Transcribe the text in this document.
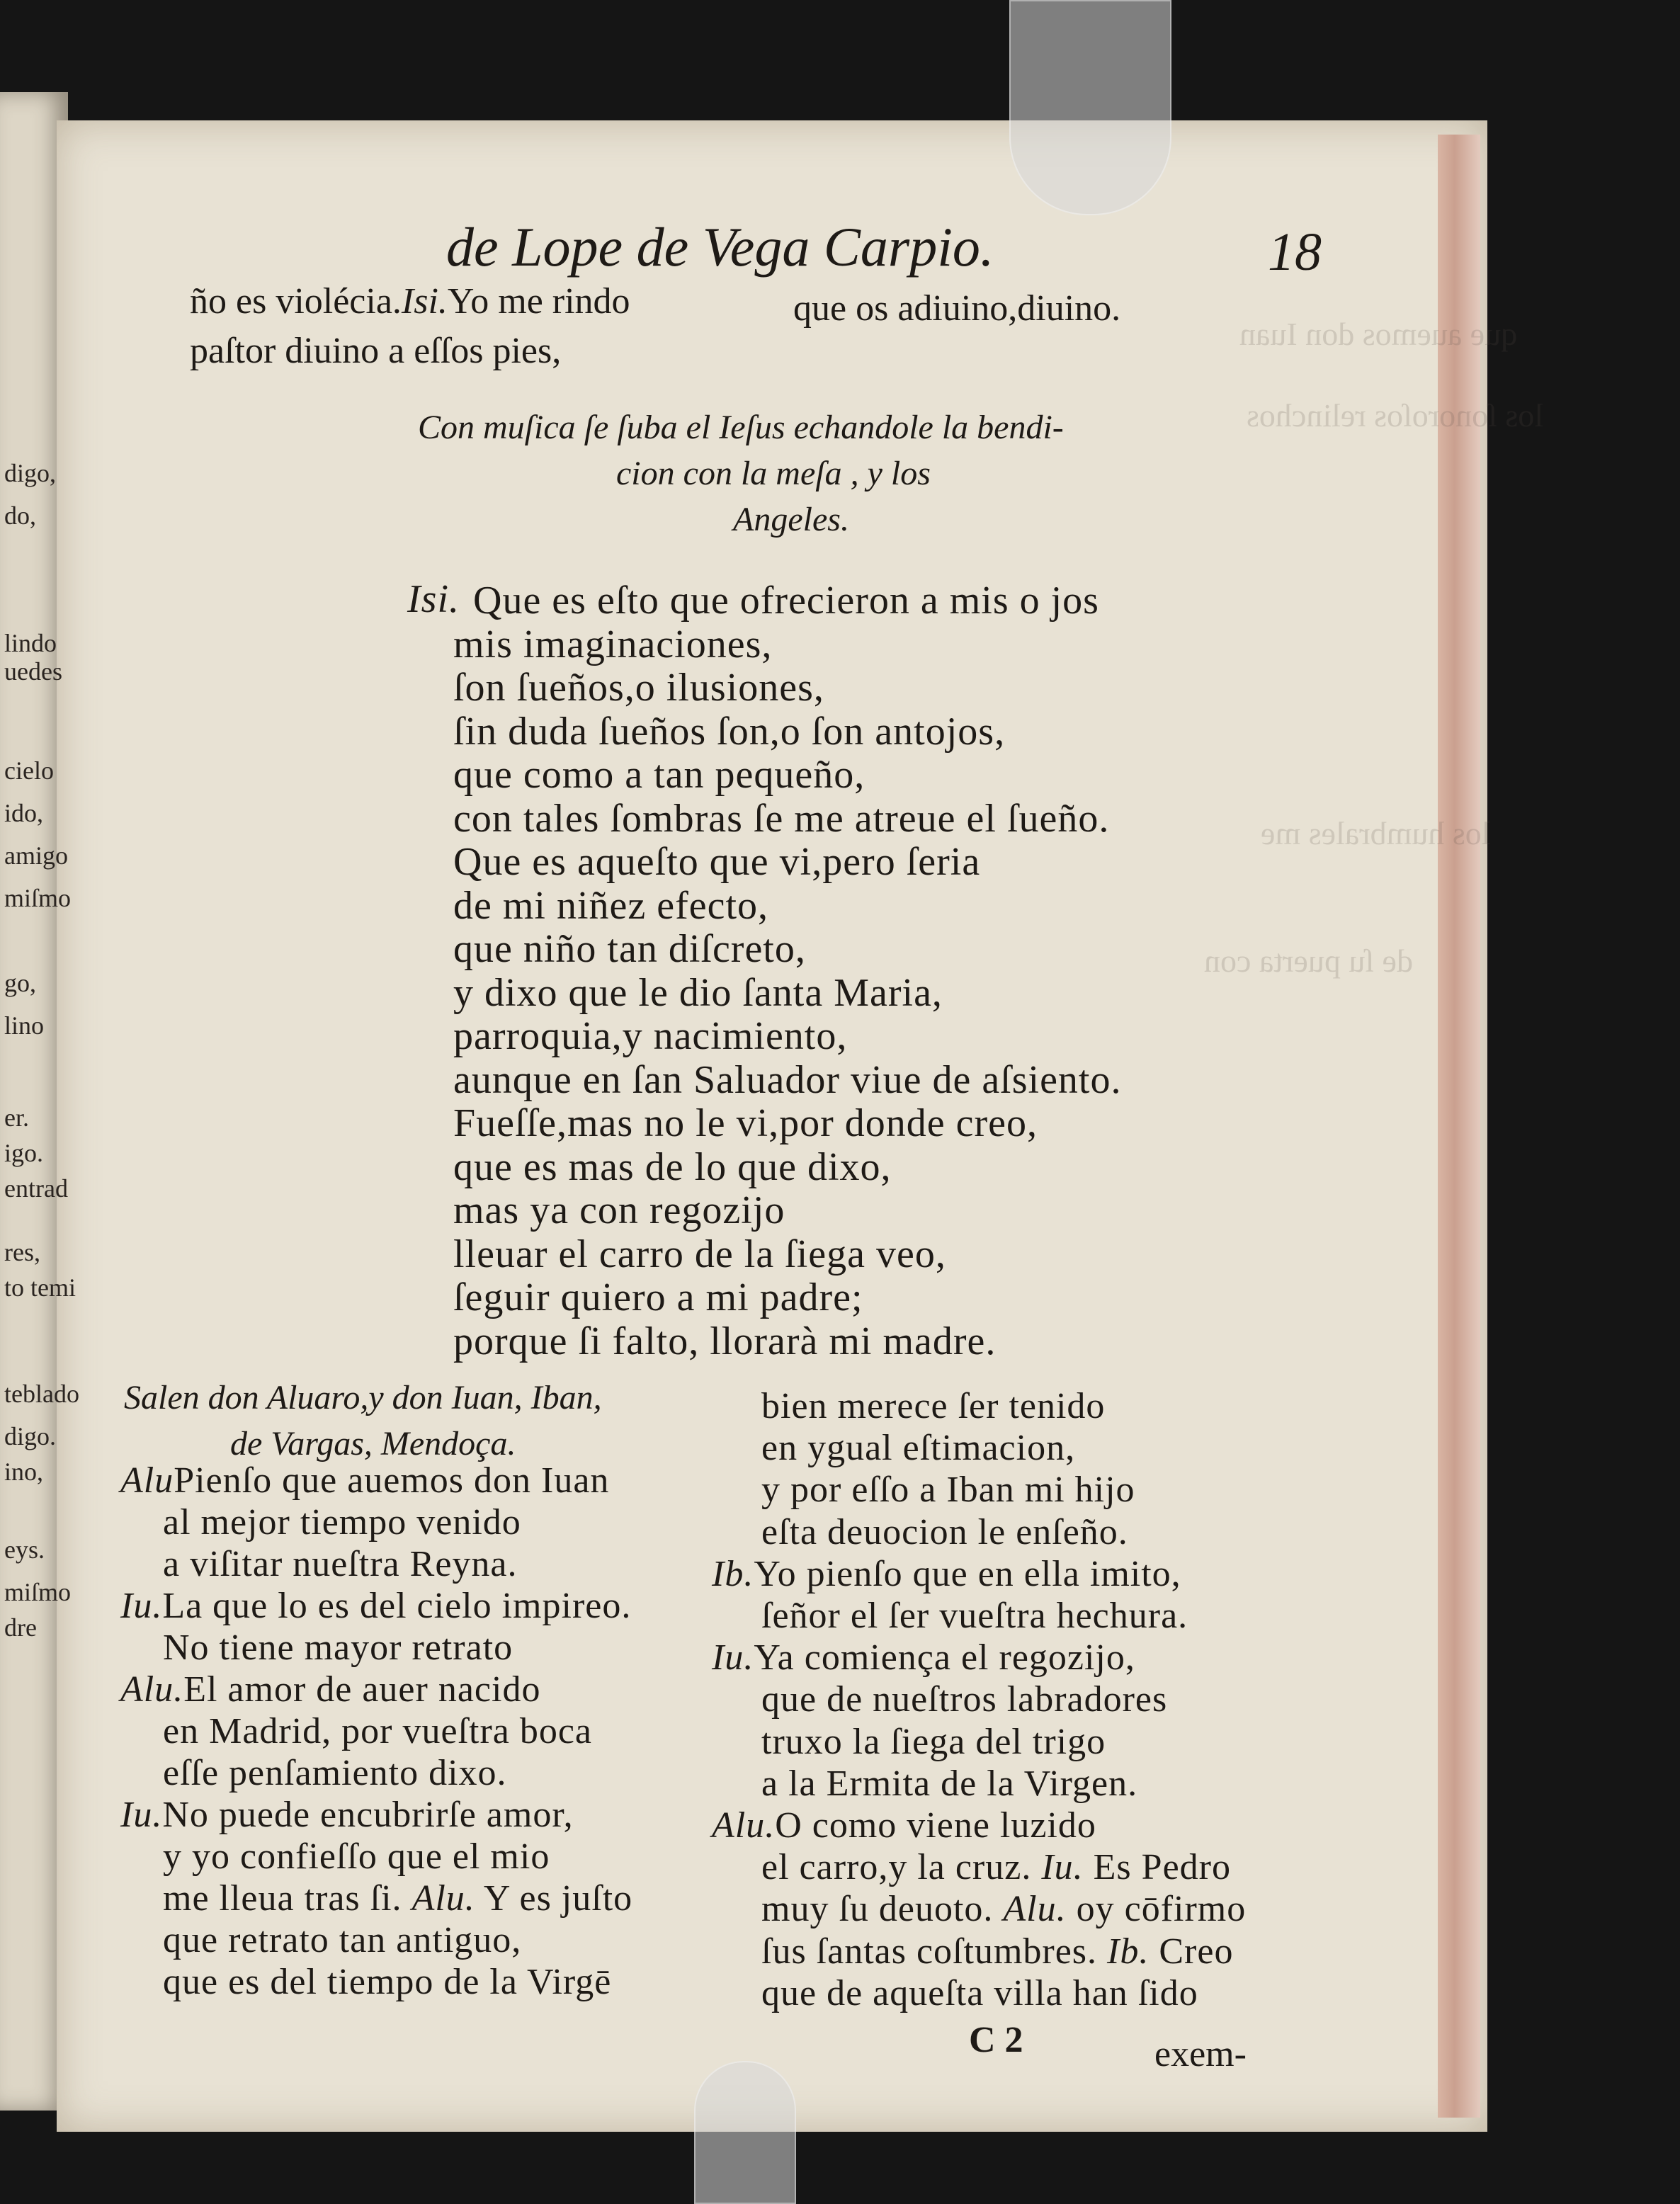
que auemos don Iuan
los ſonoroſos relinchos
los humbrales me
de ſu puerta con
digo,
do,
lindo
uedes
cielo
ido,
amigo
miſmo
go,
lino
er.
igo.
entrad
res,
to temi
teblado
digo.
ino,
eys.
miſmo
dre
de Lope de Vega Carpio.	18
ño es violécia.Isi.Yo me rindo
paſtor diuino a eſſos pies,
que os adiuino,diuino.
Con muſica ſe ſuba el Ieſus echandole la bendi-
cion con la meſa , y los
Angeles.
Isi. Que es eſto que ofrecieron a mis o jos
mis imaginaciones,
ſon ſueños,o ilusiones,
ſin duda ſueños ſon,o ſon antojos,
que como a tan pequeño,
con tales ſombras ſe me atreue el ſueño.
Que es aqueſto que vi,pero ſeria
de mi niñez efecto,
que niño tan diſcreto,
y dixo que le dio ſanta Maria,
parroquia,y nacimiento,
aunque en ſan Saluador viue de aſsiento.
Fueſſe,mas no le vi,por donde creo,
que es mas de lo que dixo,
mas ya con regozijo
lleuar el carro de la ſiega veo,
ſeguir quiero a mi padre;
porque ſi falto, llorarà mi madre.
Salen don Aluaro,y don Iuan, Iban,
de Vargas, Mendoça.
AluPienſo que auemos don Iuan
al mejor tiempo venido
a viſitar nueſtra Reyna.
Iu.La que lo es del cielo impireo.
No tiene mayor retrato
Alu.El amor de auer nacido
en Madrid, por vueſtra boca
eſſe penſamiento dixo.
Iu.No puede encubrirſe amor,
y yo confieſſo que el mio
me lleua tras ſi. Alu. Y es juſto
que retrato tan antiguo,
que es del tiempo de la Virgē
bien merece ſer tenido
en ygual eſtimacion,
y por eſſo a Iban mi hijo
eſta deuocion le enſeño.
Ib.Yo pienſo que en ella imito,
ſeñor el ſer vueſtra hechura.
Iu.Ya comiença el regozijo,
que de nueſtros labradores
truxo la ſiega del trigo
a la Ermita de la Virgen.
Alu.O como viene luzido
el carro,y la cruz. Iu. Es Pedro
muy ſu deuoto. Alu. oy cōfirmo
ſus ſantas coſtumbres. Ib. Creo
que de aqueſta villa han ſido
C 2	exem-
